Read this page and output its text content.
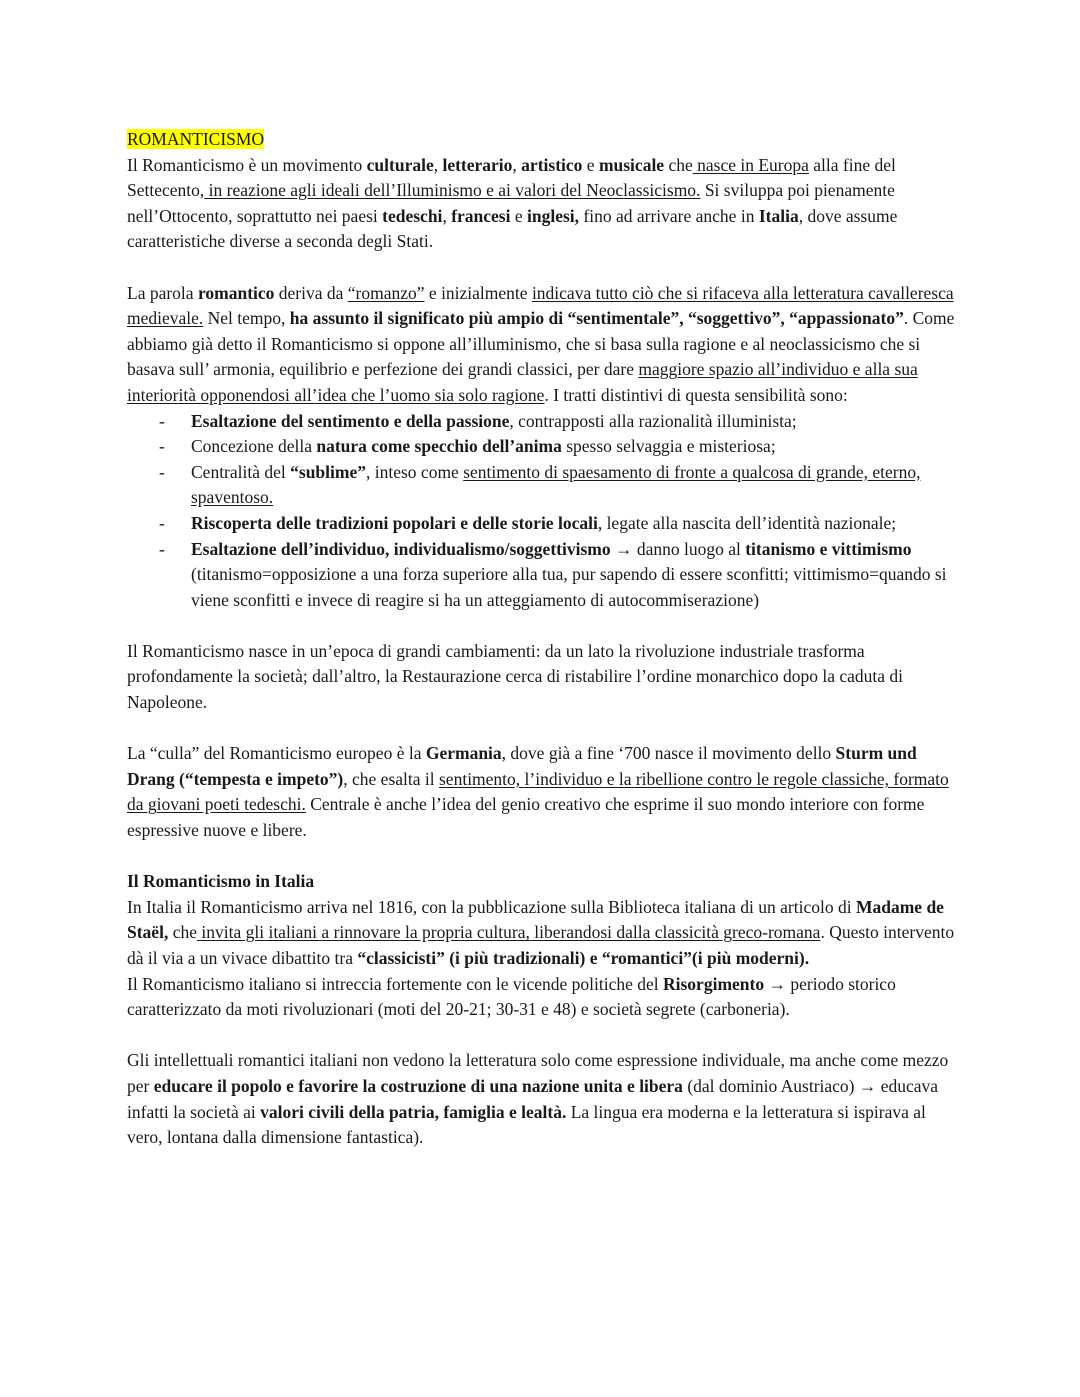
ROMANTICISMO

Il Romanticismo è un movimento culturale, letterario, artistico e musicale che nasce in Europa alla fine del Settecento, in reazione agli ideali dell’Illuminismo e ai valori del Neoclassicismo. Si sviluppa poi pienamente nell’Ottocento, soprattutto nei paesi tedeschi, francesi e inglesi, fino ad arrivare anche in Italia, dove assume caratteristiche diverse a seconda degli Stati.

La parola romantico deriva da “romanzo” e inizialmente indicava tutto ciò che si rifaceva alla letteratura cavalleresca medievale. Nel tempo, ha assunto il significato più ampio di “sentimentale”, “soggettivo”, “appassionato”. Come abbiamo già detto il Romanticismo si oppone all’illuminismo, che si basa sulla ragione e al neoclassicismo che si basava sull’ armonia, equilibrio e perfezione dei grandi classici, per dare maggiore spazio all’individuo e alla sua interiorità opponendosi all’idea che l’uomo sia solo ragione. I tratti distintivi di questa sensibilità sono:

- Esaltazione del sentimento e della passione, contrapposti alla razionalità illuminista;
- Concezione della natura come specchio dell’anima spesso selvaggia e misteriosa;
- Centralità del “sublime”, inteso come sentimento di spaesamento di fronte a qualcosa di grande, eterno, spaventoso.
- Riscoperta delle tradizioni popolari e delle storie locali, legate alla nascita dell’identità nazionale;
- Esaltazione dell’individuo, individualismo/soggettivismo → danno luogo al titanismo e vittimismo (titanismo=opposizione a una forza superiore alla tua, pur sapendo di essere sconfitti; vittimismo=quando si viene sconfitti e invece di reagire si ha un atteggiamento di autocommiserazione)

Il Romanticismo nasce in un’epoca di grandi cambiamenti: da un lato la rivoluzione industriale trasforma profondamente la società; dall’altro, la Restaurazione cerca di ristabilire l’ordine monarchico dopo la caduta di Napoleone.

La “culla” del Romanticismo europeo è la Germania, dove già a fine ‘700 nasce il movimento dello Sturm und Drang (“tempesta e impeto”), che esalta il sentimento, l’individuo e la ribellione contro le regole classiche, formato da giovani poeti tedeschi. Centrale è anche l’idea del genio creativo che esprime il suo mondo interiore con forme espressive nuove e libere.

Il Romanticismo in Italia

In Italia il Romanticismo arriva nel 1816, con la pubblicazione sulla Biblioteca italiana di un articolo di Madame de Staël, che invita gli italiani a rinnovare la propria cultura, liberandosi dalla classicità greco-romana. Questo intervento dà il via a un vivace dibattito tra “classicisti” (i più tradizionali) e “romantici”(i più moderni).

Il Romanticismo italiano si intreccia fortemente con le vicende politiche del Risorgimento → periodo storico caratterizzato da moti rivoluzionari (moti del 20-21; 30-31 e 48) e società segrete (carboneria).

Gli intellettuali romantici italiani non vedono la letteratura solo come espressione individuale, ma anche come mezzo per educare il popolo e favorire la costruzione di una nazione unita e libera (dal dominio Austriaco) → educava infatti la società ai valori civili della patria, famiglia e lealtà. La lingua era moderna e la letteratura si ispirava al vero, lontana dalla dimensione fantastica).
